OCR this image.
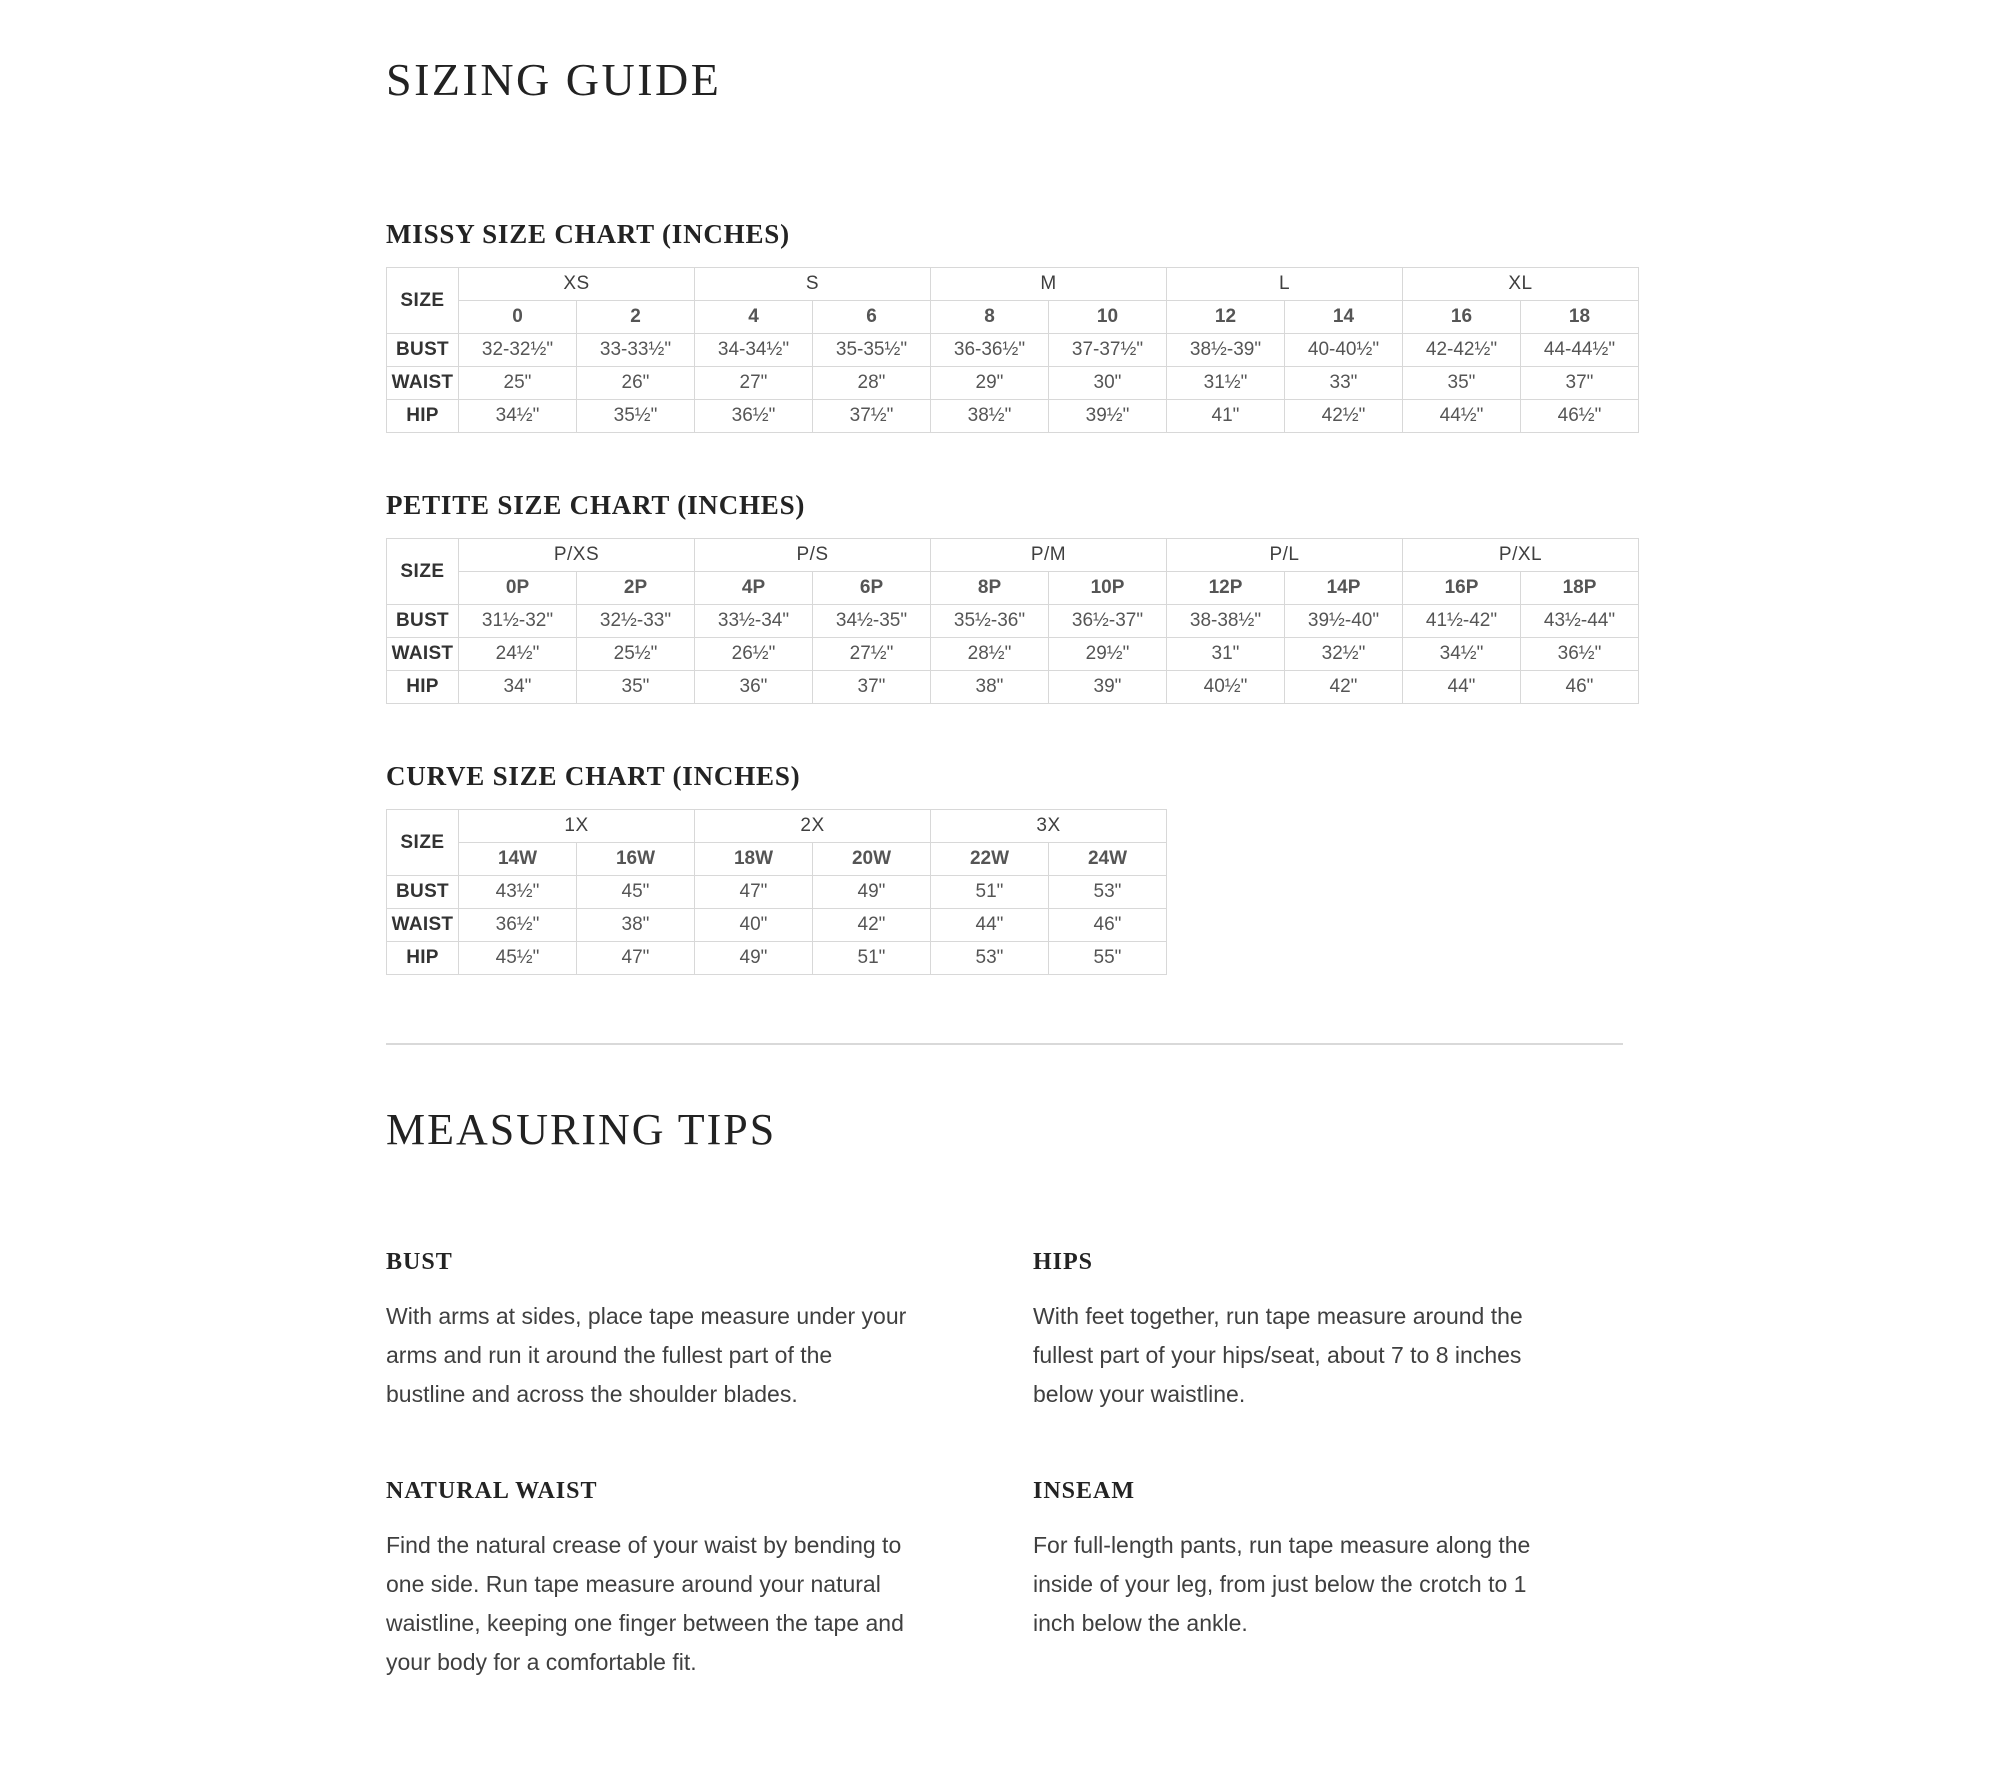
SIZING GUIDE
MISSY SIZE CHART (INCHES)
SIZE	XS		S		M		L		XL	
	0	2	4	6	8	10	12	14	16	18
BUST	32-32½"	33-33½"	34-34½"	35-35½"	36-36½"	37-37½"	38½-39"	40-40½"	42-42½"	44-44½"
WAIST	25"	26"	27"	28"	29"	30"	31½"	33"	35"	37"
HIP	34½"	35½"	36½"	37½"	38½"	39½"	41"	42½"	44½"	46½"
PETITE SIZE CHART (INCHES)
SIZE	P/XS		P/S		P/M		P/L		P/XL	
	0P	2P	4P	6P	8P	10P	12P	14P	16P	18P
BUST	31½-32"	32½-33"	33½-34"	34½-35"	35½-36"	36½-37"	38-38½"	39½-40"	41½-42"	43½-44"
WAIST	24½"	25½"	26½"	27½"	28½"	29½"	31"	32½"	34½"	36½"
HIP	34"	35"	36"	37"	38"	39"	40½"	42"	44"	46"
CURVE SIZE CHART (INCHES)
SIZE	1X		2X		3X	
	14W	16W	18W	20W	22W	24W
BUST	43½"	45"	47"	49"	51"	53"
WAIST	36½"	38"	40"	42"	44"	46"
HIP	45½"	47"	49"	51"	53"	55"
MEASURING TIPS
BUST

With arms at sides, place tape measure under your arms and run it around the fullest part of the bustline and across the shoulder blades.

HIPS

With feet together, run tape measure around the fullest part of your hips/seat, about 7 to 8 inches below your waistline.

NATURAL WAIST

Find the natural crease of your waist by bending to one side. Run tape measure around your natural waistline, keeping one finger between the tape and your body for a comfortable fit.

INSEAM

For full-length pants, run tape measure along the inside of your leg, from just below the crotch to 1 inch below the ankle.
